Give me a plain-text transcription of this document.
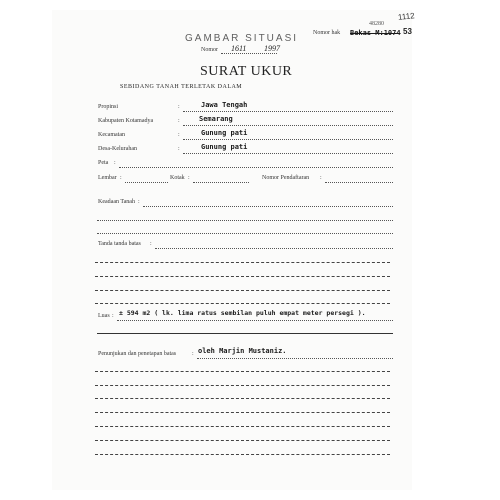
1112
48280
Nomor hak Bekas M:1074 53
GAMBAR SITUASI
Nomor 1611 1997
SURAT UKUR
SEBIDANG TANAH TERLETAK DALAM
Propinsi	:	Jawa Tengah
Kabupaten Kotamadya	:	Semarang
Kecamatan	:	Gunung pati
Desa-Kelurahan	:	Gunung pati
Peta :
Lembar :	Kotak :	Nomor Pendaftaran :
Keadaan Tanah :
Tanda tanda batas :
Luas : ± 594 m2 ( lk. lima ratus sembilan puluh empat meter persegi ).
Penunjukan dan penetapan batas	: oleh Marjin Mustaniz.
